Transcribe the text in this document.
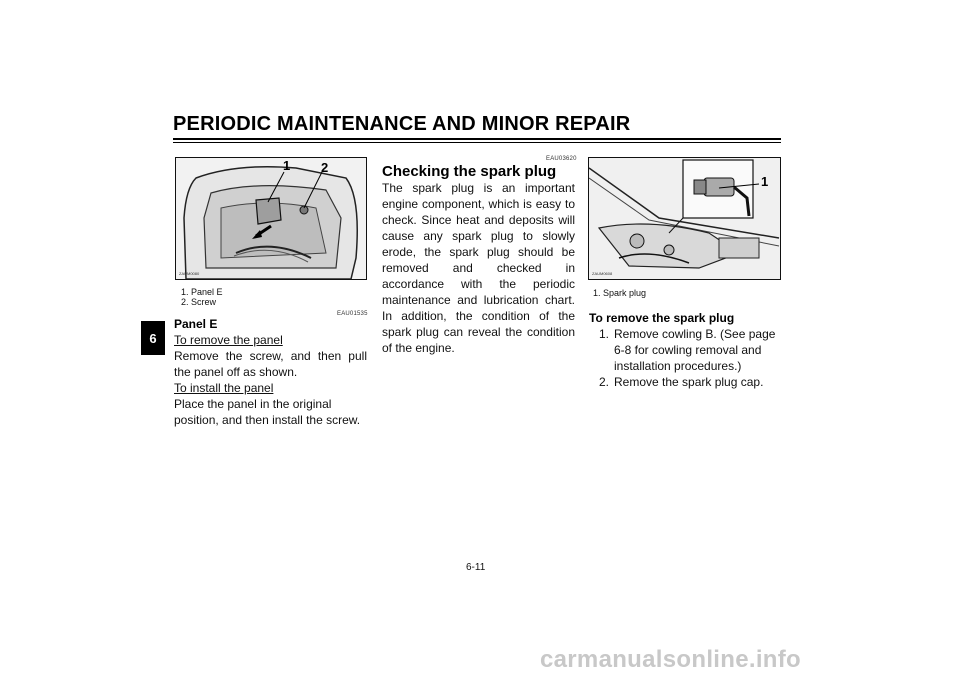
PERIODIC MAINTENANCE AND MINOR REPAIR
6
1 2
ZAUM0080
1. Panel E
2. Screw
EAU01535
Panel E
To remove the panel
Remove the screw, and then pull the panel off as shown.
To install the panel
Place the panel in the original position, and then install the screw.
EAU03620
Checking the spark plug
The spark plug is an important engine component, which is easy to check. Since heat and deposits will cause any spark plug to slowly erode, the spark plug should be removed and checked in accordance with the periodic maintenance and lubrication chart. In addition, the condition of the spark plug can reveal the condition of the engine.
1
ZAUM0608
1. Spark plug
To remove the spark plug
1. Remove cowling B. (See page 6-8 for cowling removal and installation procedures.)
2. Remove the spark plug cap.
6-11
carmanualsonline.info
